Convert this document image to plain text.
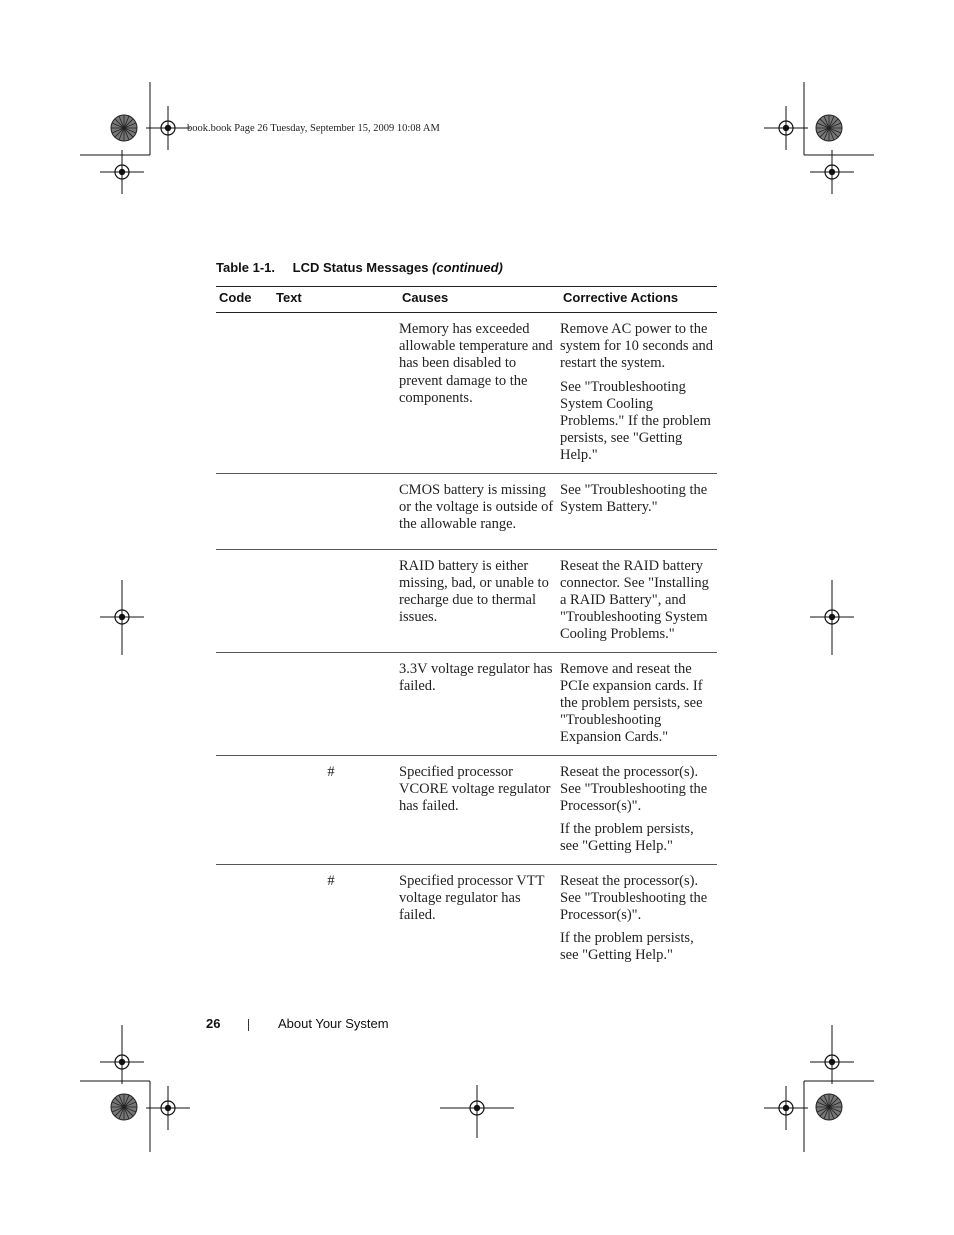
book.book Page 26 Tuesday, September 15, 2009 10:08 AM
Table 1-1. LCD Status Messages (continued)
Code	Text	Causes	Corrective Actions
		Memory has exceeded allowable temperature and has been disabled to prevent damage to the components.	Remove AC power to the system for 10 seconds and restart the system.

See "Troubleshooting System Cooling Problems." If the problem persists, see "Getting Help."

		CMOS battery is missing or the voltage is outside of the allowable range.	See "Troubleshooting the System Battery."

		RAID battery is either missing, bad, or unable to recharge due to thermal issues.	Reseat the RAID battery connector. See "Installing a RAID Battery", and "Troubleshooting System Cooling Problems."

		3.3V voltage regulator has failed.	Remove and reseat the PCIe expansion cards. If the problem persists, see "Troubleshooting Expansion Cards."

	#	Specified processor VCORE voltage regulator has failed.	Reseat the processor(s). See "Troubleshooting the Processor(s)".

If the problem persists, see "Getting Help."

	#	Specified processor VTT voltage regulator has failed.	Reseat the processor(s). See "Troubleshooting the Processor(s)".

If the problem persists, see "Getting Help."

26	About Your System
